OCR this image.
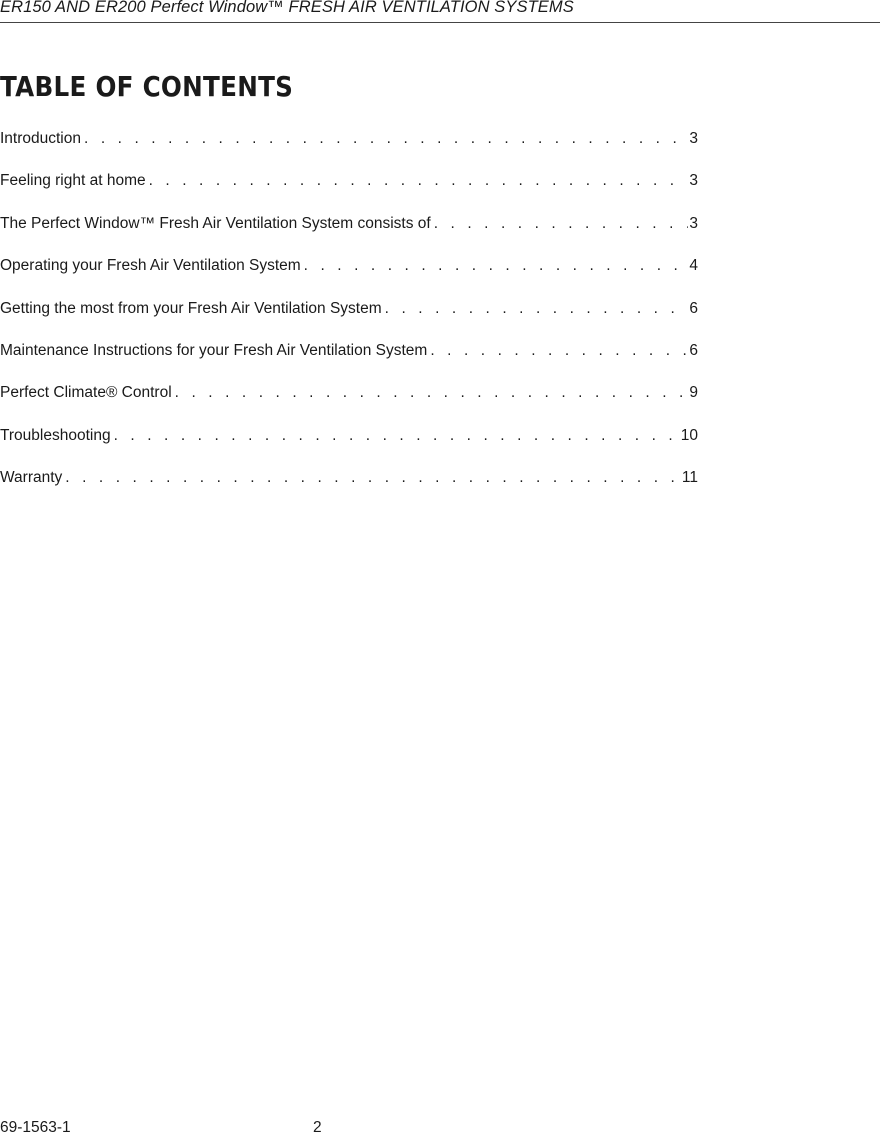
ER150 AND ER200 Perfect Window™ FRESH AIR VENTILATION SYSTEMS
TABLE OF CONTENTS
Introduction . . .	3
Feeling right at home . . .	3
The Perfect Window™ Fresh Air Ventilation System consists of . . .	3
Operating your Fresh Air Ventilation System . . .	4
Getting the most from your Fresh Air Ventilation System . . .	6
Maintenance Instructions for your Fresh Air Ventilation System . . .	6
Perfect Climate® Control . . .	9
Troubleshooting . . .	10
Warranty . . .	11
69-1563-1	2
